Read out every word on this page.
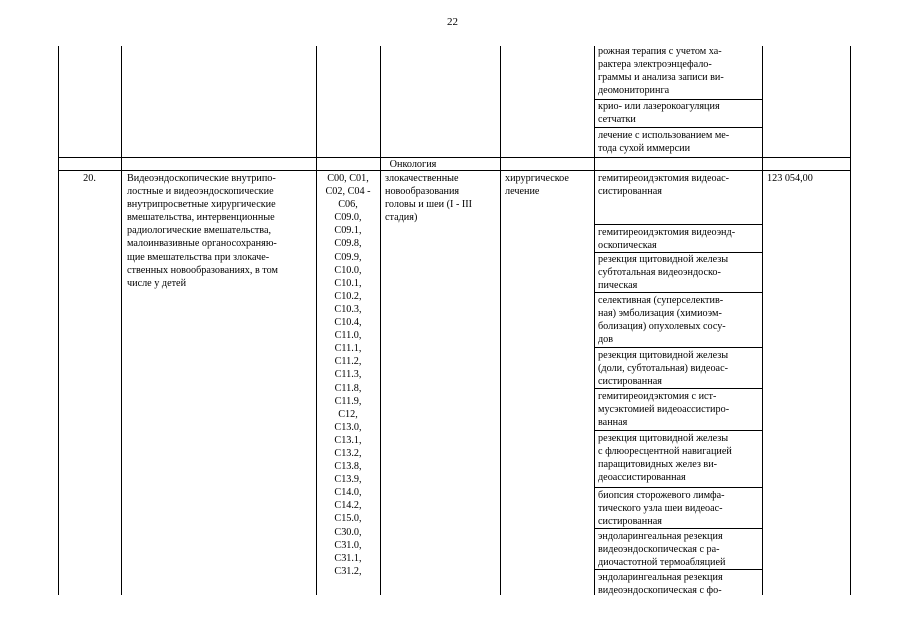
22
рожная терапия с учетом ха-
рактера электроэнцефало-
граммы и анализа записи ви-
деомониторинга
крио- или лазерокоагуляция
сетчатки
лечение с использованием ме-
тода сухой иммерсии
Онкология
20.	Видеоэндоскопические внутрипо-
лостные и видеоэндоскопические
внутрипросветные хирургические
вмешательства, интервенционные
радиологические вмешательства,
малоинвазивные органосохраняю-
щие вмешательства при злокаче-
ственных новообразованиях, в том
числе у детей
C00, C01,
C02, C04 -
C06,
C09.0,
C09.1,
C09.8,
C09.9,
C10.0,
C10.1,
C10.2,
C10.3,
C10.4,
C11.0,
C11.1,
C11.2,
C11.3,
C11.8,
C11.9,
C12,
C13.0,
C13.1,
C13.2,
C13.8,
C13.9,
C14.0,
C14.2,
C15.0,
C30.0,
C31.0,
C31.1,
C31.2,
злокачественные
новообразования
головы и шеи (I - III
стадия)
хирургическое
лечение
123 054,00
гемитиреоидэктомия видеоас-
систированная
гемитиреоидэктомия видеоэнд-
оскопическая
резекция щитовидной железы
субтотальная видеоэндоско-
пическая
селективная (суперселектив-
ная) эмболизация (химиоэм-
болизация) опухолевых сосу-
дов
резекция щитовидной железы
(доли, субтотальная) видеоас-
систированная
гемитиреоидэктомия с ист-
мусэктомией видеоассистиро-
ванная
резекция щитовидной железы
с флюоресцентной навигацией
паращитовидных желез ви-
деоассистированная
биопсия сторожевого лимфа-
тического узла шеи видеоас-
систированная
эндоларингеальная резекция
видеоэндоскопическая с ра-
диочастотной термоабляцией
эндоларингеальная резекция
видеоэндоскопическая с фо-
